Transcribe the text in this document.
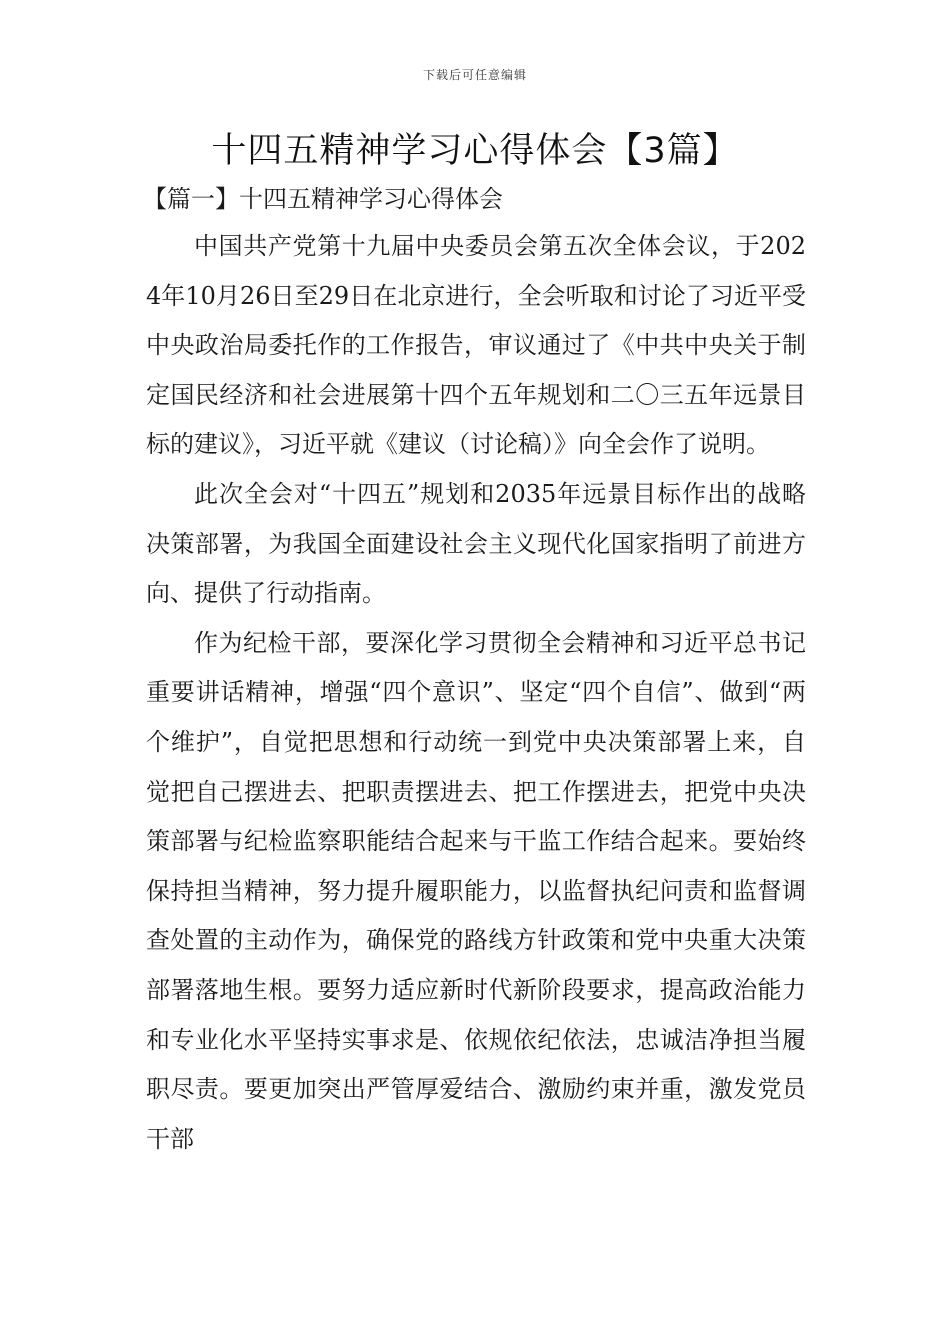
下载后可任意编辑
十四五精神学习心得体会【3篇】
【篇一】十四五精神学习心得体会

中国共产党第十九届中央委员会第五次全体会议，于2024年10月26日至29日在北京进行，全会听取和讨论了习近平受中央政治局委托作的工作报告，审议通过了《中共中央关于制定国民经济和社会进展第十四个五年规划和二〇三五年远景目标的建议》，习近平就《建议（讨论稿）》向全会作了说明。

此次全会对“十四五”规划和2035年远景目标作出的战略决策部署，为我国全面建设社会主义现代化国家指明了前进方向、提供了行动指南。

作为纪检干部，要深化学习贯彻全会精神和习近平总书记重要讲话精神，增强“四个意识”、坚定“四个自信”、做到“两个维护”，自觉把思想和行动统一到党中央决策部署上来，自觉把自己摆进去、把职责摆进去、把工作摆进去，把党中央决策部署与纪检监察职能结合起来与干监工作结合起来。要始终保持担当精神，努力提升履职能力，以监督执纪问责和监督调查处置的主动作为，确保党的路线方针政策和党中央重大决策部署落地生根。要努力适应新时代新阶段要求，提高政治能力和专业化水平坚持实事求是、依规依纪依法，忠诚洁净担当履职尽责。要更加突出严管厚爱结合、激励约束并重，激发党员干部
